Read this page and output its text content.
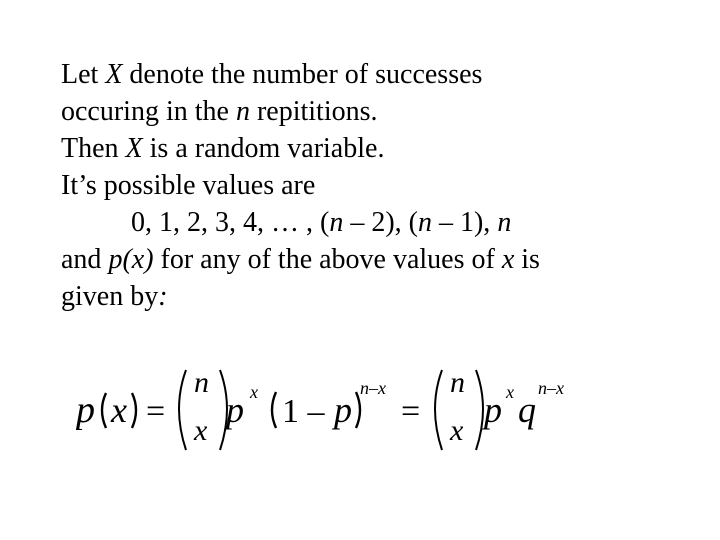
Let X denote the number of successes
occuring in the n repititions.
Then X is a random variable.
It’s possible values are
0, 1, 2, 3, 4, … , (n – 2), (n – 1), n
and p(x) for any of the above values of x is
given by:
p x =
n
x
p x
1 – p
n–x
=
n
x
p x q
n–x
